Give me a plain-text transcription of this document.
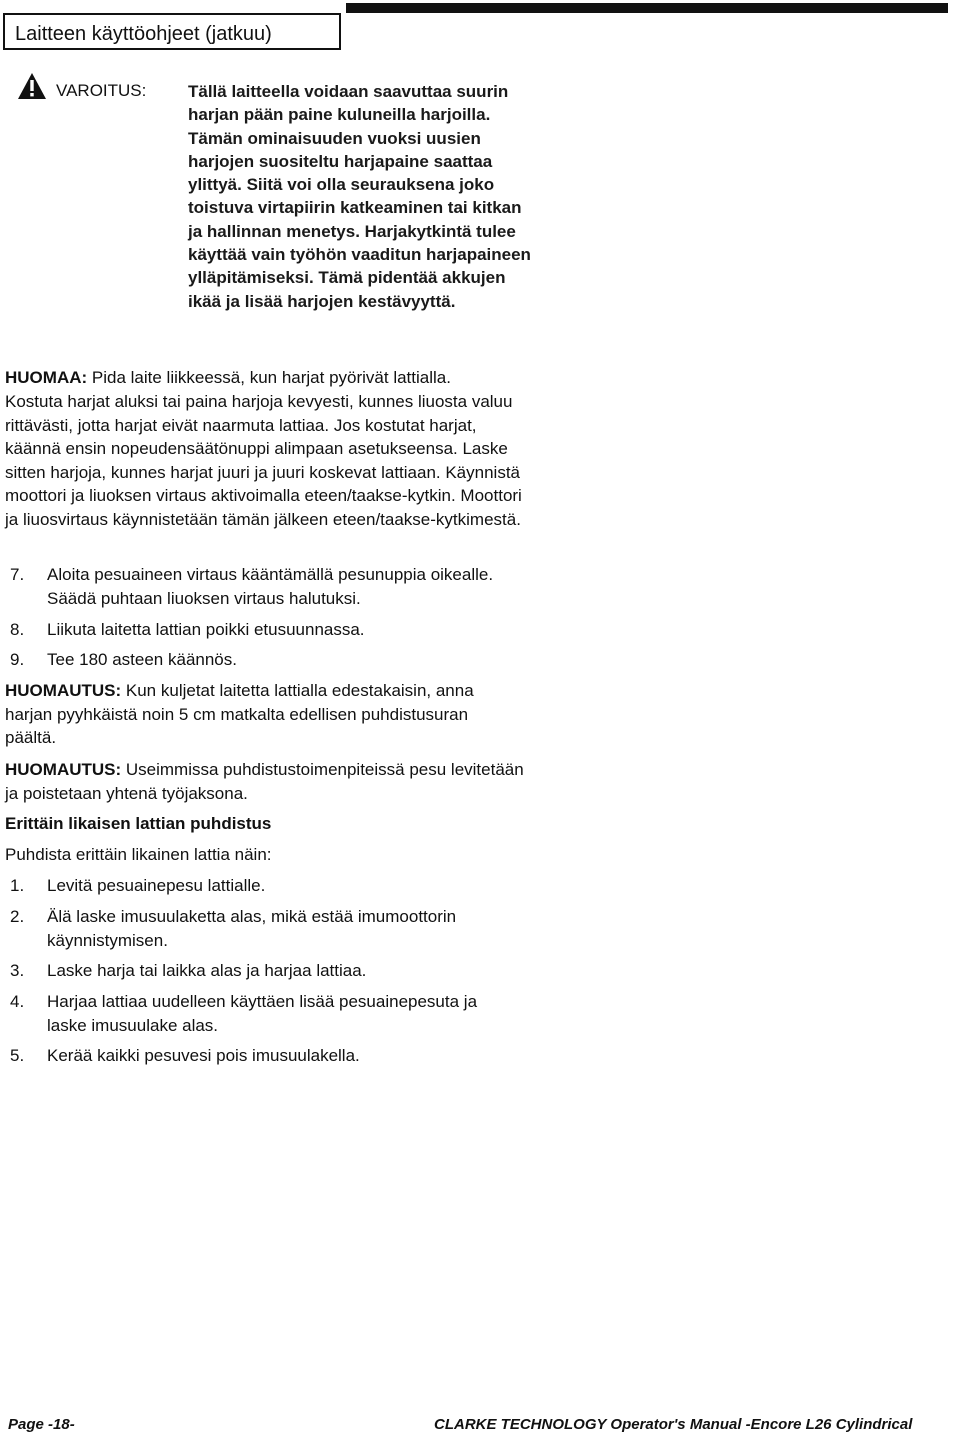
Laitteen käyttöohjeet (jatkuu)
VAROITUS: Tällä laitteella voidaan saavuttaa suurin harjan pään paine kuluneilla harjoilla. Tämän ominaisuuden vuoksi uusien harjojen suositeltu harjapaine saattaa ylittyä. Siitä voi olla seurauksena joko toistuva virtapiirin katkeaminen tai kitkan ja hallinnan menetys. Harjakytkintä tulee käyttää vain työhön vaaditun harjapaineen ylläpitämiseksi. Tämä pidentää akkujen ikää ja lisää harjojen kestävyyttä.

HUOMAA: Pida laite liikkeessä, kun harjat pyörivät lattialla.

Kostuta harjat aluksi tai paina harjoja kevyesti, kunnes liuosta valuu rittävästi, jotta harjat eivät naarmuta lattiaa. Jos kostutat harjat, käännä ensin nopeudensäätönuppi alimpaan asetukseensa. Laske sitten harjoja, kunnes harjat juuri ja juuri koskevat lattiaan. Käynnistä moottori ja liuoksen virtaus aktivoimalla eteen/taakse-kytkin. Moottori ja liuosvirtaus käynnistetään tämän jälkeen eteen/taakse-kytkimestä.

7.	Aloita pesuaineen virtaus kääntämällä pesunuppia oikealle. Säädä puhtaan liuoksen virtaus halutuksi.

8.	Liikuta laitetta lattian poikki etusuunnassa.

9.	Tee 180 asteen käännös.

HUOMAUTUS: Kun kuljetat laitetta lattialla edestakaisin, anna harjan pyyhkäistä noin 5 cm matkalta edellisen puhdistusuran päältä.

HUOMAUTUS: Useimmissa puhdistustoimenpiteissä pesu levitetään ja poistetaan yhtenä työjaksona.

Erittäin likaisen lattian puhdistus

Puhdista erittäin likainen lattia näin:

1.	Levitä pesuainepesu lattialle.

2.	Älä laske imusuulaketta alas, mikä estää imumoottorin käynnistymisen.

3.	Laske harja tai laikka alas ja harjaa lattiaa.

4.	Harjaa lattiaa uudelleen käyttäen lisää pesuainepesuta ja laske imusuulake alas.

5.	Kerää kaikki pesuvesi pois imusuulakella.

Page -18-	CLARKE TECHNOLOGY Operator's Manual -Encore L26 Cylindrical
